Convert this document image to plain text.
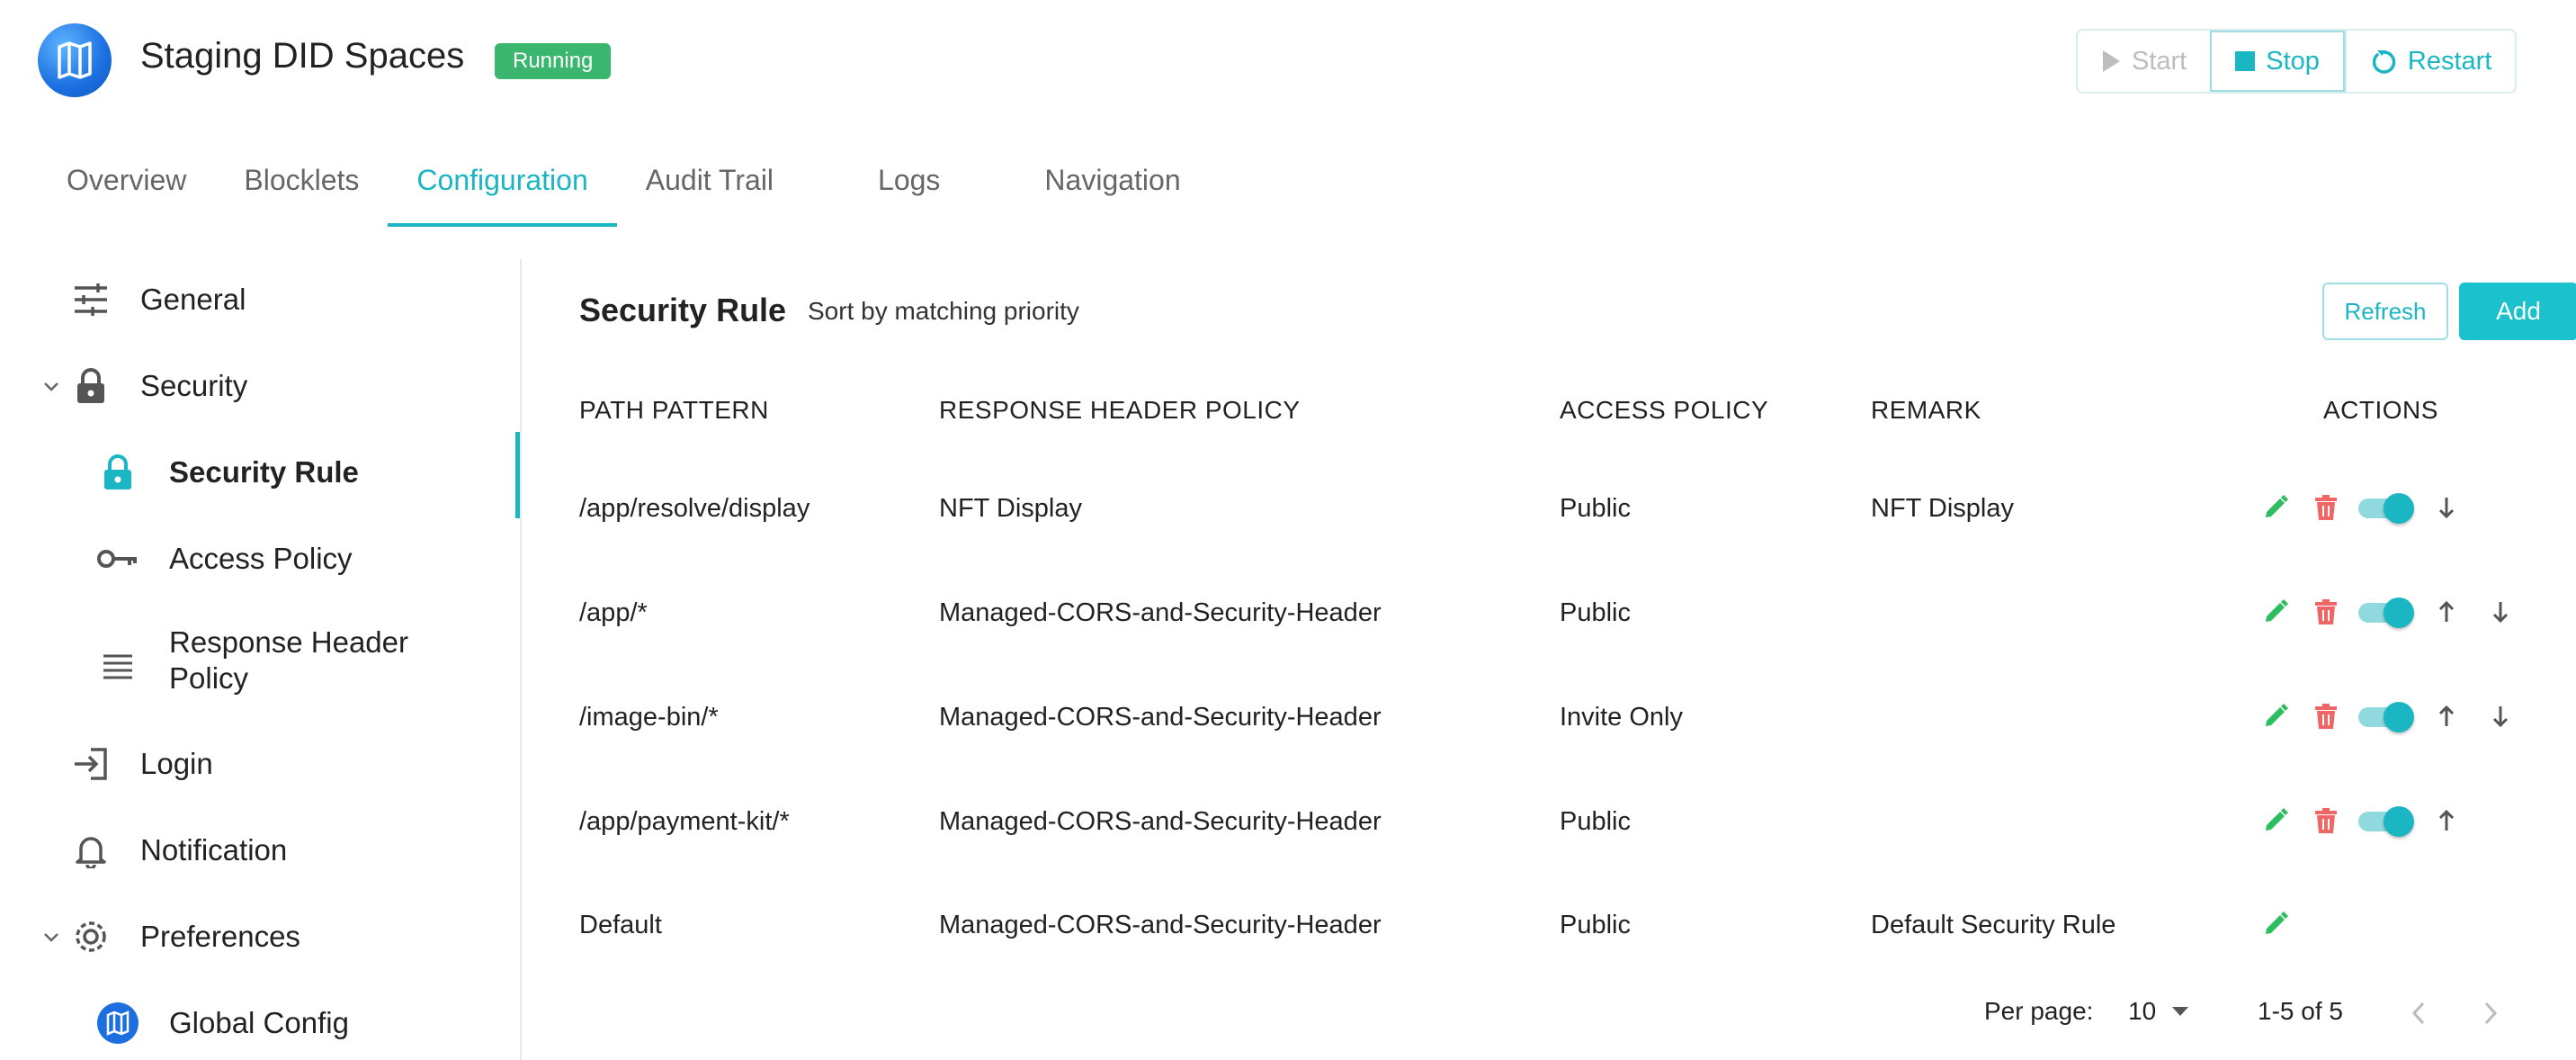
Staging DID Spaces	Running	Start	Stop	Restart
Overview	Blocklets	Configuration	Audit Trail	Logs	Navigation
General
Security
Security Rule
Access Policy
Response Header Policy
Login
Notification
Preferences
Global Config
Security Rule Sort by matching priority	Refresh	Add
PATH PATTERN	RESPONSE HEADER POLICY	ACCESS POLICY	REMARK	ACTIONS
/app/resolve/display	NFT Display	Public	NFT Display
/app/*	Managed-CORS-and-Security-Header	Public
/image-bin/*	Managed-CORS-and-Security-Header	Invite Only
/app/payment-kit/*	Managed-CORS-and-Security-Header	Public
Default	Managed-CORS-and-Security-Header	Public	Default Security Rule
Per page: 10	1-5 of 5
